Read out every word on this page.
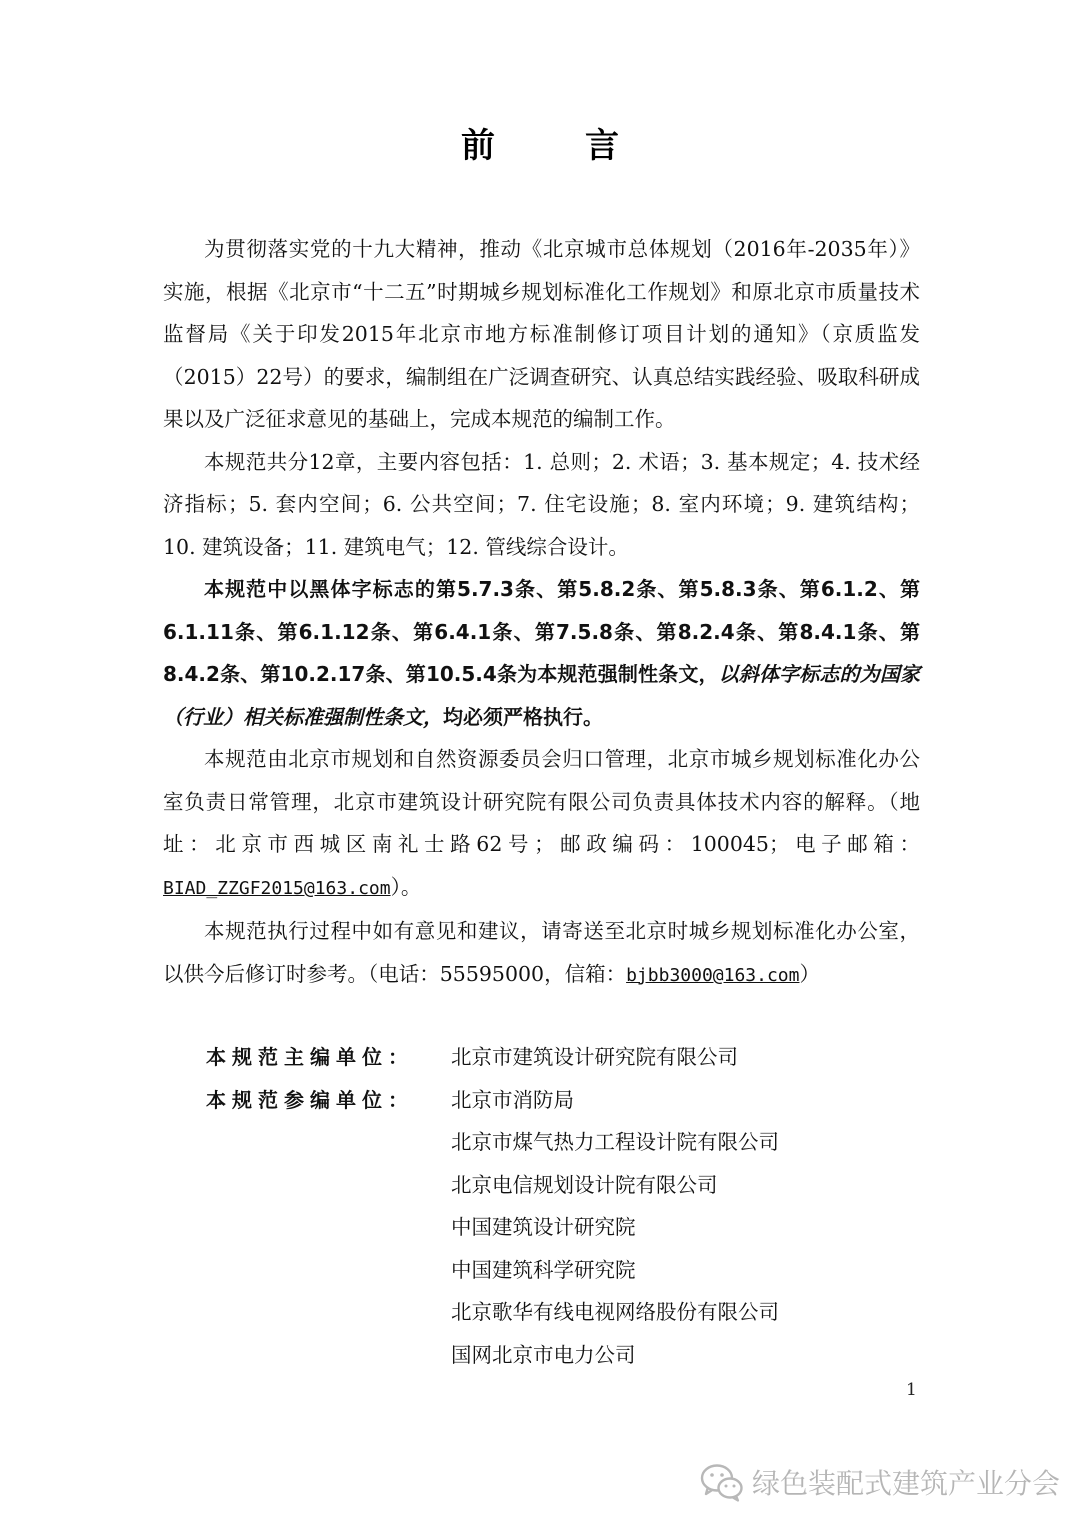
前　言

为贯彻落实党的十九大精神，推动《北京城市总体规划（2016年-2035年）》实施，根据《北京市“十二五”时期城乡规划标准化工作规划》和原北京市质量技术监督局《关于印发2015年北京市地方标准制修订项目计划的通知》（京质监发（2015）22号）的要求，编制组在广泛调查研究、认真总结实践经验、吸取科研成果以及广泛征求意见的基础上，完成本规范的编制工作。

本规范共分12章，主要内容包括：1. 总则；2. 术语；3. 基本规定；4. 技术经济指标；5. 套内空间；6. 公共空间；7. 住宅设施；8. 室内环境；9. 建筑结构；10. 建筑设备；11. 建筑电气；12. 管线综合设计。

本规范中以黑体字标志的第5.7.3条、第5.8.2条、第5.8.3条、第6.1.2、第6.1.11条、第6.1.12条、第6.4.1条、第7.5.8条、第8.2.4条、第8.4.1条、第8.4.2条、第10.2.17条、第10.5.4条为本规范强制性条文，以斜体字标志的为国家（行业）相关标准强制性条文，均必须严格执行。

本规范由北京市规划和自然资源委员会归口管理，北京市城乡规划标准化办公室负责日常管理，北京市建筑设计研究院有限公司负责具体技术内容的解释。（地址：北京市西城区南礼士路62号；邮政编码：100045；电子邮箱：BIAD_ZZGF2015@163.com）。

本规范执行过程中如有意见和建议，请寄送至北京时城乡规划标准化办公室，以供今后修订时参考。（电话：55595000，信箱：bjbb3000@163.com）

本规范主编单位：	北京市建筑设计研究院有限公司
本规范参编单位：	北京市消防局
北京市煤气热力工程设计院有限公司
北京电信规划设计院有限公司
中国建筑设计研究院
中国建筑科学研究院
北京歌华有线电视网络股份有限公司
国网北京市电力公司
1
绿色装配式建筑产业分会
